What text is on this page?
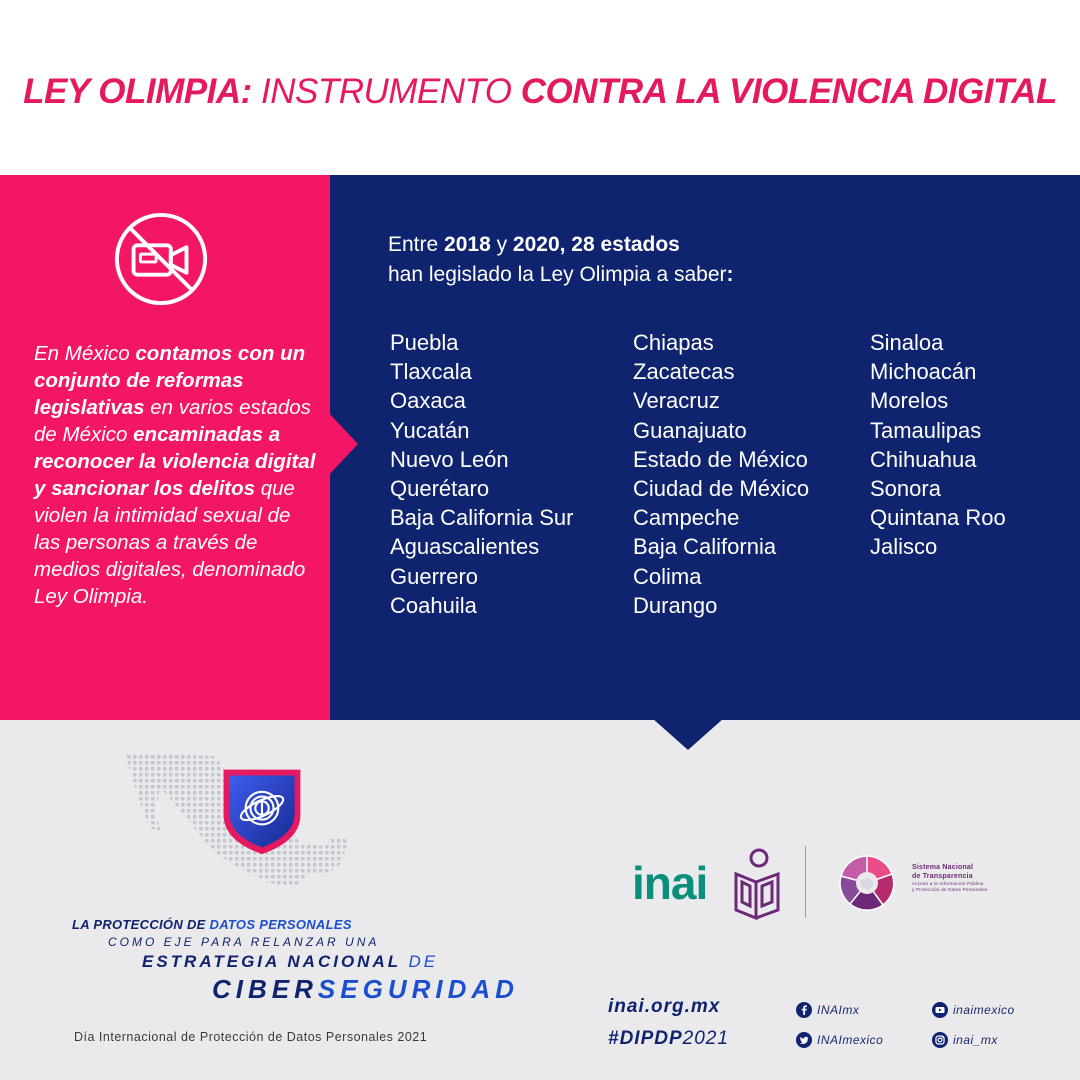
LEY OLIMPIA: INSTRUMENTO CONTRA LA VIOLENCIA DIGITAL
En México contamos con un conjunto de reformas legislativas en varios estados de México encaminadas a reconocer la violencia digital y sancionar los delitos que violen la intimidad sexual de las personas a través de medios digitales, denominado Ley Olimpia.
Entre 2018 y 2020, 28 estados
han legislado la Ley Olimpia a saber:
Puebla
Tlaxcala
Oaxaca
Yucatán
Nuevo León
Querétaro
Baja California Sur
Aguascalientes
Guerrero
Coahuila
Chiapas
Zacatecas
Veracruz
Guanajuato
Estado de México
Ciudad de México
Campeche
Baja California
Colima
Durango
Sinaloa
Michoacán
Morelos
Tamaulipas
Chihuahua
Sonora
Quintana Roo
Jalisco
LA PROTECCIÓN DE DATOS PERSONALES
COMO EJE PARA RELANZAR UNA
ESTRATEGIA NACIONAL DE
CIBERSEGURIDAD
Día Internacional de Protección de Datos Personales 2021
inai	Sistema Nacional
de Transparencia
Acceso a la Información Pública
y Protección de Datos Personales
inai.org.mx
#DIPDP2021
INAImx
INAImexico
inaimexico
inai_mx
